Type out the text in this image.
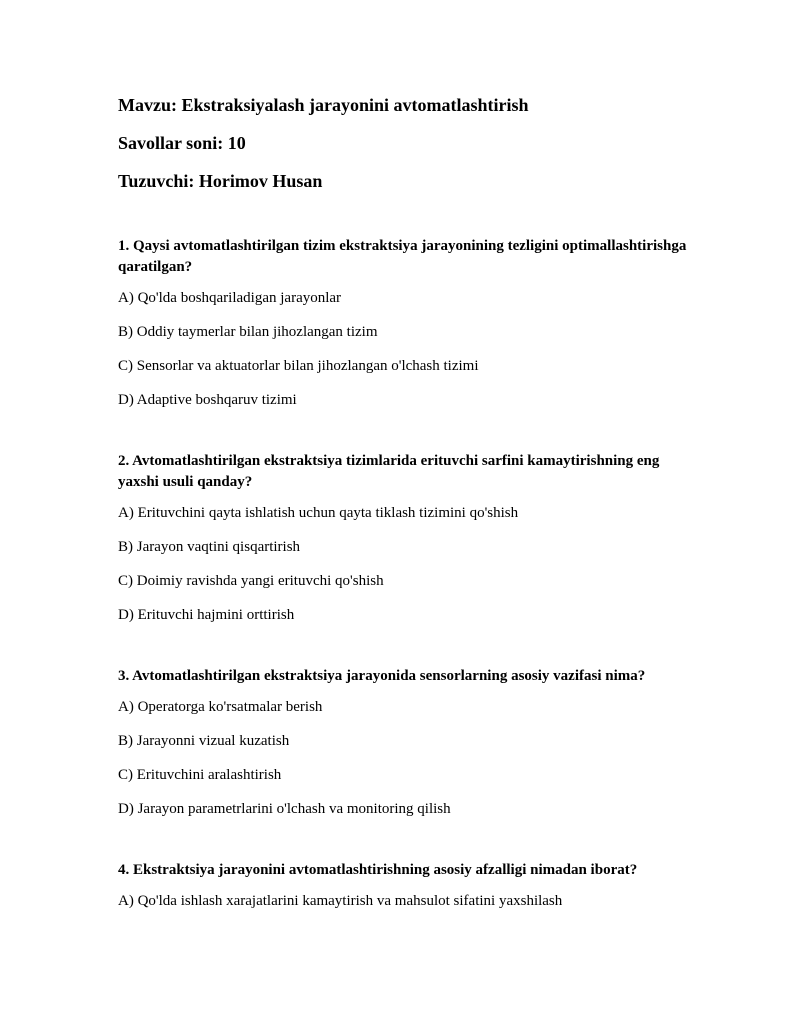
Mavzu: Ekstraksiyalash jarayonini avtomatlashtirish
Savollar soni: 10
Tuzuvchi: Horimov Husan
1. Qaysi avtomatlashtirilgan tizim ekstraktsiya jarayonining tezligini optimallashtirishga qaratilgan?
A) Qo'lda boshqariladigan jarayonlar
B) Oddiy taymerlar bilan jihozlangan tizim
C) Sensorlar va aktuatorlar bilan jihozlangan o'lchash tizimi
D) Adaptive boshqaruv tizimi
2. Avtomatlashtirilgan ekstraktsiya tizimlarida erituvchi sarfini kamaytirishning eng yaxshi usuli qanday?
A) Erituvchini qayta ishlatish uchun qayta tiklash tizimini qo'shish
B) Jarayon vaqtini qisqartirish
C) Doimiy ravishda yangi erituvchi qo'shish
D) Erituvchi hajmini orttirish
3. Avtomatlashtirilgan ekstraktsiya jarayonida sensorlarning asosiy vazifasi nima?
A) Operatorga ko'rsatmalar berish
B) Jarayonni vizual kuzatish
C) Erituvchini aralashtirish
D) Jarayon parametrlarini o'lchash va monitoring qilish
4. Ekstraktsiya jarayonini avtomatlashtirishning asosiy afzalligi nimadan iborat?
A) Qo'lda ishlash xarajatlarini kamaytirish va mahsulot sifatini yaxshilash
